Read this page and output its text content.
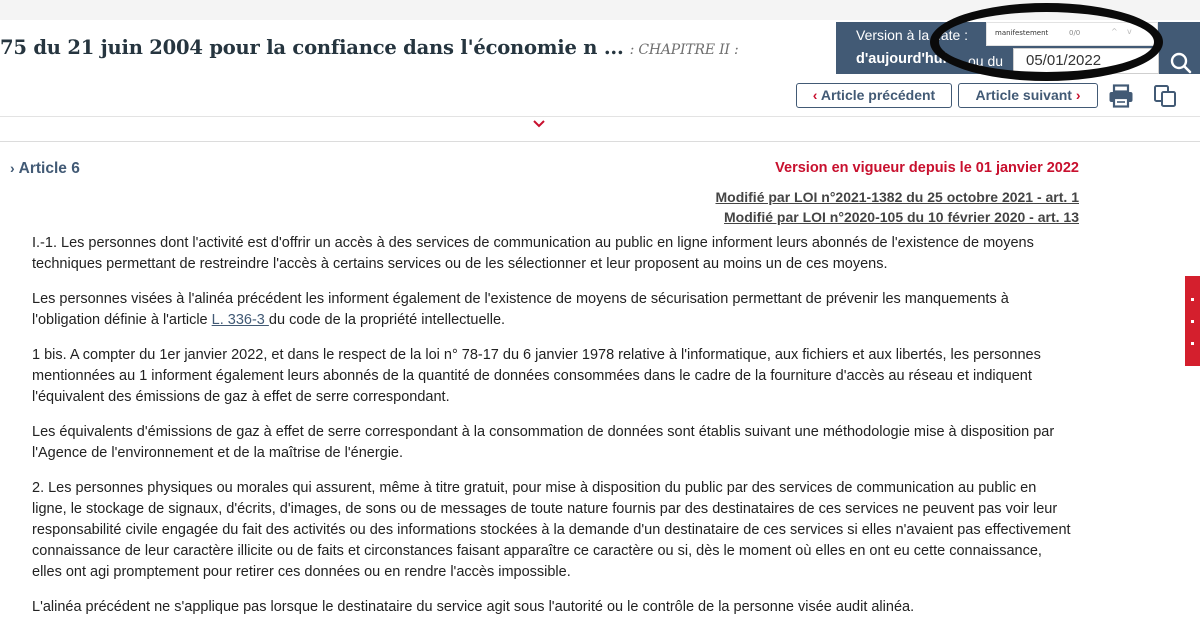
75 du 21 juin 2004 pour la confiance dans l'économie n ... : CHAPITRE II :
Version à la date :
d'aujourd'hui ou du	05/01/2022
manifestement	0/0	^ v
‹ Article précédent	Article suivant ›
› Article 6	Version en vigueur depuis le 01 janvier 2022
Modifié par LOI n°2021-1382 du 25 octobre 2021 - art. 1
Modifié par LOI n°2020-105 du 10 février 2020 - art. 13

I.-1. Les personnes dont l'activité est d'offrir un accès à des services de communication au public en ligne informent leurs abonnés de l'existence de moyens techniques permettant de restreindre l'accès à certains services ou de les sélectionner et leur proposent au moins un de ces moyens.

Les personnes visées à l'alinéa précédent les informent également de l'existence de moyens de sécurisation permettant de prévenir les manquements à l'obligation définie à l'article L. 336-3 du code de la propriété intellectuelle.

1 bis. A compter du 1er janvier 2022, et dans le respect de la loi n° 78-17 du 6 janvier 1978 relative à l'informatique, aux fichiers et aux libertés, les personnes mentionnées au 1 informent également leurs abonnés de la quantité de données consommées dans le cadre de la fourniture d'accès au réseau et indiquent l'équivalent des émissions de gaz à effet de serre correspondant.

Les équivalents d'émissions de gaz à effet de serre correspondant à la consommation de données sont établis suivant une méthodologie mise à disposition par l'Agence de l'environnement et de la maîtrise de l'énergie.

2. Les personnes physiques ou morales qui assurent, même à titre gratuit, pour mise à disposition du public par des services de communication au public en ligne, le stockage de signaux, d'écrits, d'images, de sons ou de messages de toute nature fournis par des destinataires de ces services ne peuvent pas voir leur responsabilité civile engagée du fait des activités ou des informations stockées à la demande d'un destinataire de ces services si elles n'avaient pas effectivement connaissance de leur caractère illicite ou de faits et circonstances faisant apparaître ce caractère ou si, dès le moment où elles en ont eu cette connaissance, elles ont agi promptement pour retirer ces données ou en rendre l'accès impossible.

L'alinéa précédent ne s'applique pas lorsque le destinataire du service agit sous l'autorité ou le contrôle de la personne visée audit alinéa.
